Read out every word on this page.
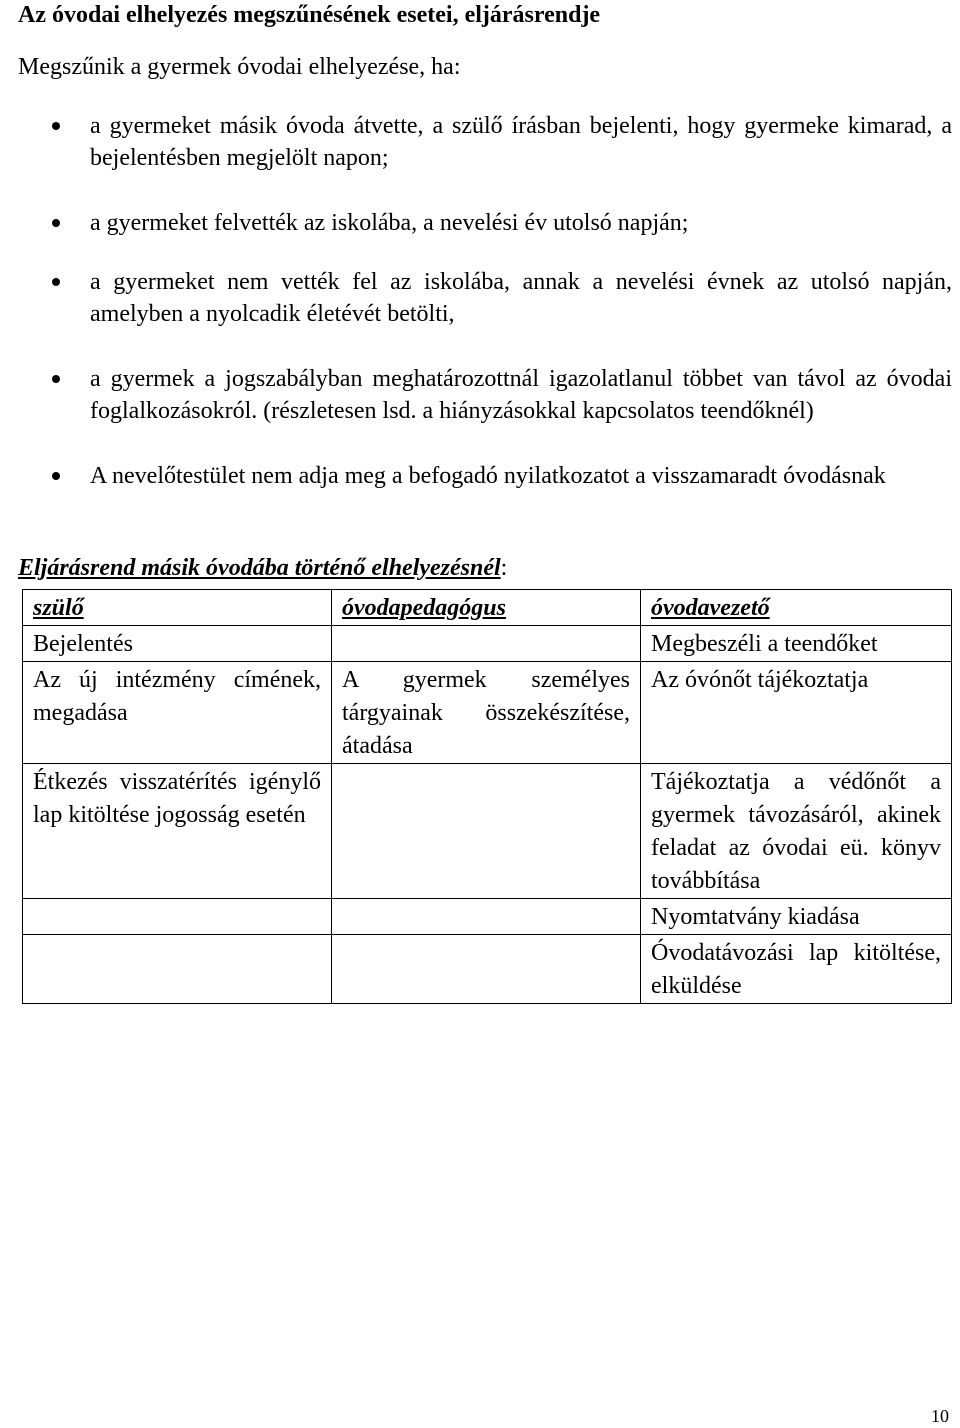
Az óvodai elhelyezés megszűnésének esetei, eljárásrendje
Megszűnik a gyermek óvodai elhelyezése, ha:
a gyermeket másik óvoda átvette, a szülő írásban bejelenti, hogy gyermeke kimarad, a bejelentésben megjelölt napon;
a gyermeket felvették az iskolába, a nevelési év utolsó napján;
a gyermeket nem vették fel az iskolába, annak a nevelési évnek az utolsó napján, amelyben a nyolcadik életévét betölti,
a gyermek a jogszabályban meghatározottnál igazolatlanul többet van távol az óvodai foglalkozásokról. (részletesen lsd. a hiányzásokkal kapcsolatos teendőknél)
A nevelőtestület nem adja meg a befogadó nyilatkozatot a visszamaradt óvodásnak
Eljárásrend másik óvodába történő elhelyezésnél:
szülő	óvodapedagógus	óvodavezető
Bejelentés		Megbeszéli a teendőket
Az új intézmény címének, megadása	A gyermek személyes tárgyainak összekészítése, átadása	Az óvónőt tájékoztatja
Étkezés visszatérítés igénylő lap kitöltése jogosság esetén		Tájékoztatja a védőnőt a gyermek távozásáról, akinek feladat az óvodai eü. könyv továbbítása
		Nyomtatvány kiadása
		Óvodatávozási lap kitöltése, elküldése
10
